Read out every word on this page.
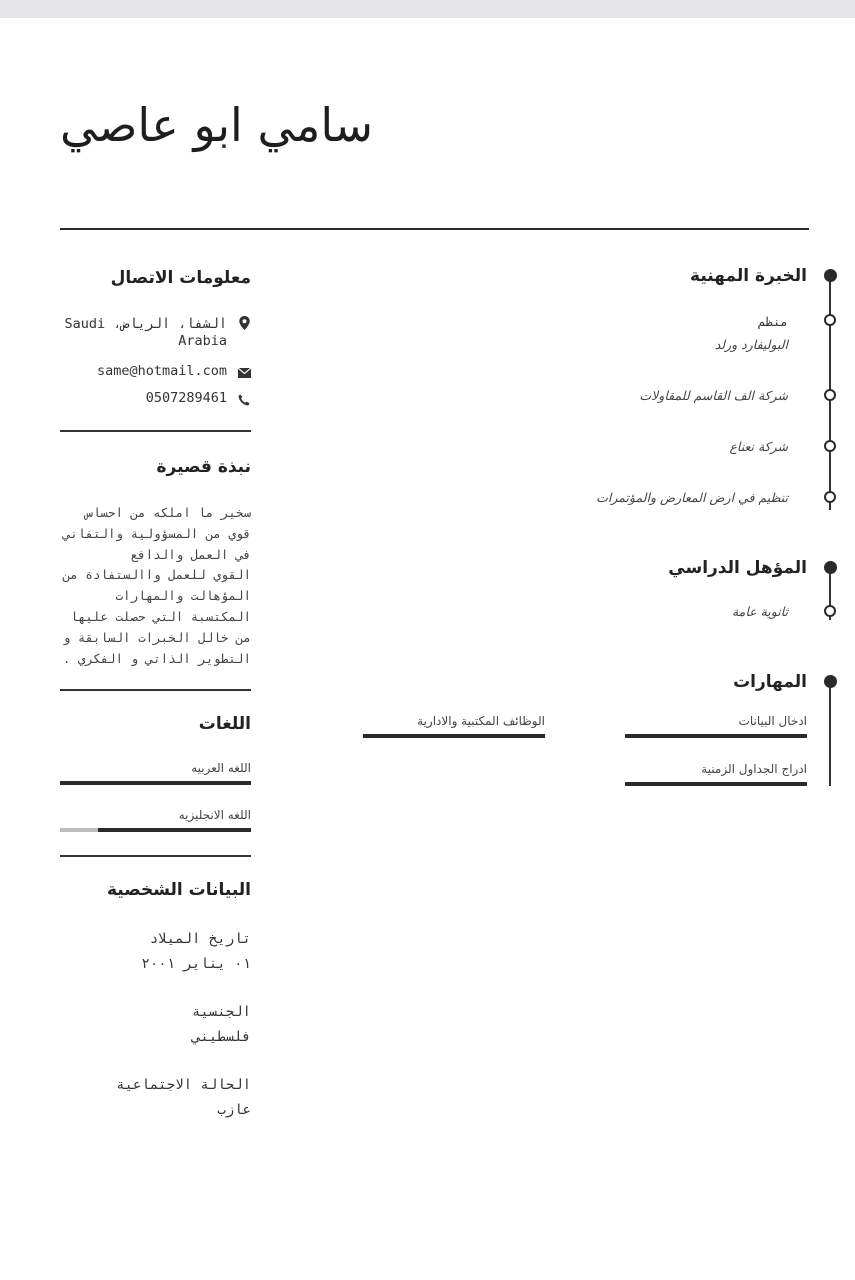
سامي ابو عاصي
معلومات الاتصال
الشفا، الرياض، Saudi Arabia
same@hotmail.com
0507289461
نبذة قصيرة
سخير ما املكه من احساس قوي من المسؤولية والتفاني في العمل والدافع
القوي للعمل واالستفادة من المؤهالت والمهارات المكتسبة التي حصلت عليها
من خالل الخبرات السابقة و التطوير الذاتي و الفكري .
اللغات
اللغه العربيه
اللغه الانجليزيه
البيانات الشخصية
تاريخ الميلاد
٠١ يناير ٢٠٠١
الجنسية
فلسطيني
الحالة الاجتماعية
عازب
الخبرة المهنية
منظم
البوليفارد ورلد
شركة الف القاسم للمقاولات
شركة نعناع
تنظيم في ارض المعارض والمؤتمرات
المؤهل الدراسي
ثانوية عامة
المهارات
ادخال البيانات
الوظائف المكتبية والادارية
ادراج الجداول الزمنية
